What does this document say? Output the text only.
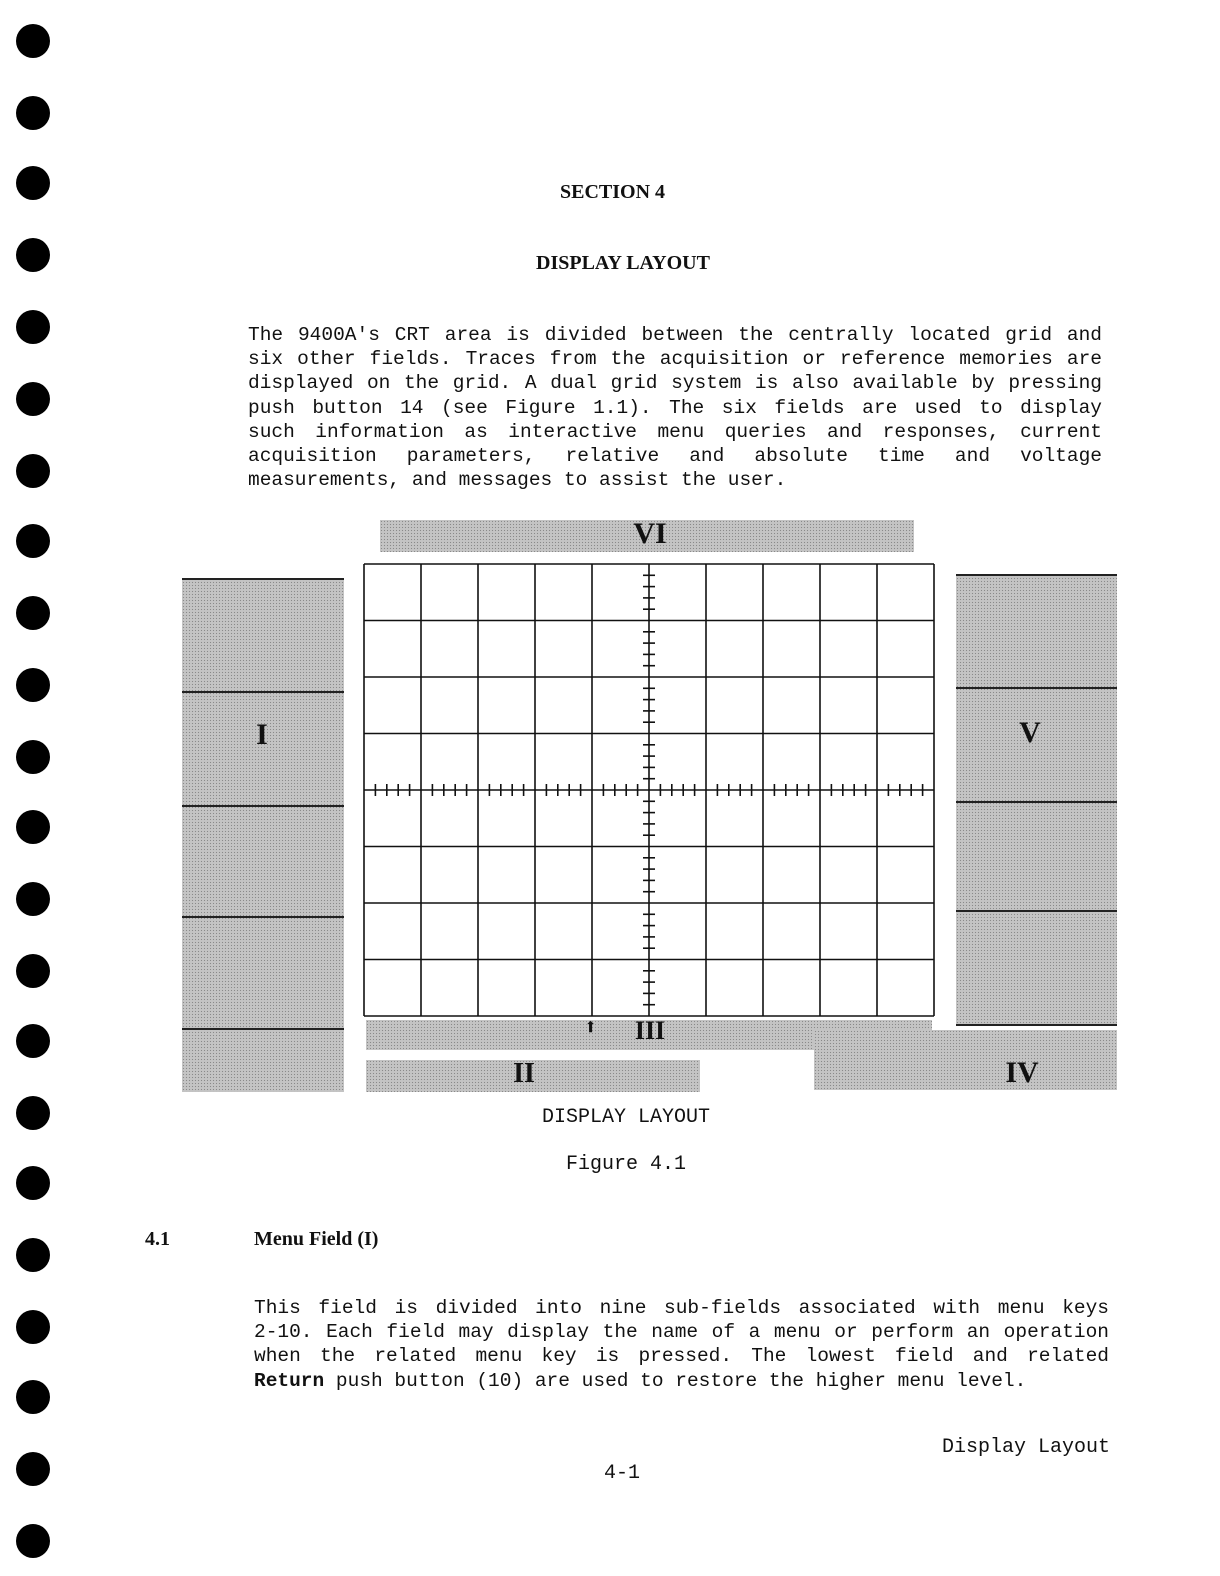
SECTION 4
DISPLAY LAYOUT
The 9400A's CRT area is divided between the centrally located grid and
six other fields. Traces from the acquisition or reference memories are
displayed on the grid. A dual grid system is also available by pressing
push button 14 (see Figure 1.1). The six fields are used to display
such information as interactive menu queries and responses, current
acquisition parameters, relative and absolute time and voltage
measurements, and messages to assist the user.
VI
I	V
III
⬆
II	IV
DISPLAY LAYOUT
Figure 4.1
4.1	Menu Field (I)
This field is divided into nine sub-fields associated with menu keys
2-10. Each field may display the name of a menu or perform an operation
when the related menu key is pressed. The lowest field and related
Return push button (10) are used to restore the higher menu level.
Display Layout
4-1
